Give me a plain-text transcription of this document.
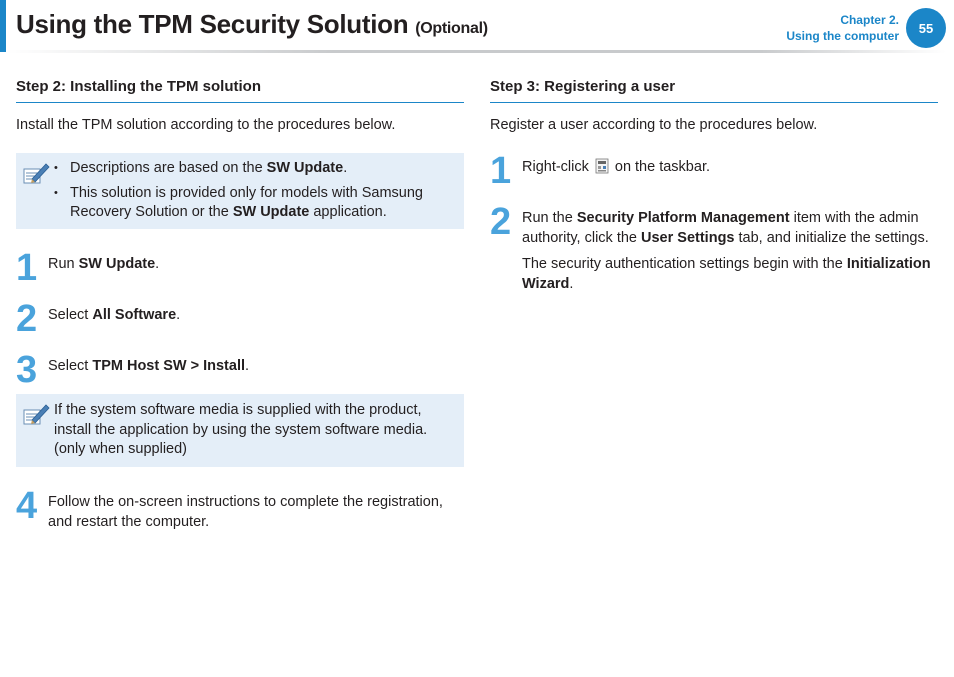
Using the TPM Security Solution (Optional)	Chapter 2.
Using the computer
55
Step 2: Installing the TPM solution
Install the TPM solution according to the procedures below.
• Descriptions are based on the SW Update.
• This solution is provided only for models with Samsung Recovery Solution or the SW Update application.
1 Run SW Update.
2 Select All Software.
3 Select TPM Host SW > Install.
If the system software media is supplied with the product, install the application by using the system software media. (only when supplied)
4 Follow the on-screen instructions to complete the registration, and restart the computer.
Step 3: Registering a user
Register a user according to the procedures below.
1 Right-click on the taskbar.
2 Run the Security Platform Management item with the admin authority, click the User Settings tab, and initialize the settings.
The security authentication settings begin with the Initialization Wizard.
